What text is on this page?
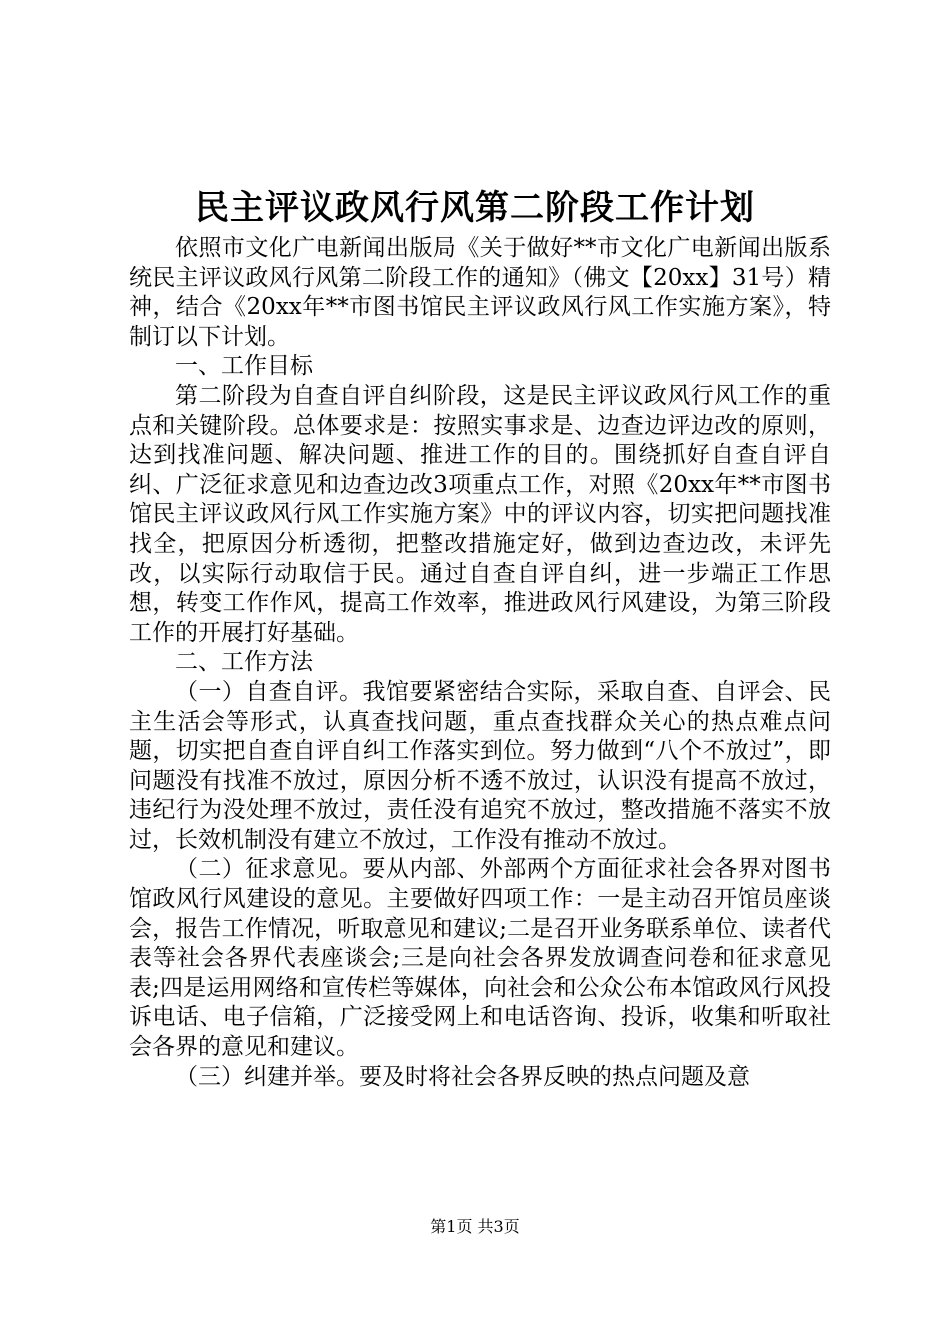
民主评议政风行风第二阶段工作计划

依照市文化广电新闻出版局《关于做好**市文化广电新闻出版系统民主评议政风行风第二阶段工作的通知》（佛文【20xx】31号）精神，结合《20xx年**市图书馆民主评议政风行风工作实施方案》，特制订以下计划。

一、工作目标

第二阶段为自查自评自纠阶段，这是民主评议政风行风工作的重点和关键阶段。总体要求是：按照实事求是、边查边评边改的原则，达到找准问题、解决问题、推进工作的目的。围绕抓好自查自评自纠、广泛征求意见和边查边改3项重点工作，对照《20xx年**市图书馆民主评议政风行风工作实施方案》中的评议内容，切实把问题找准找全，把原因分析透彻，把整改措施定好，做到边查边改，未评先改，以实际行动取信于民。通过自查自评自纠，进一步端正工作思想，转变工作作风，提高工作效率，推进政风行风建设，为第三阶段工作的开展打好基础。

二、工作方法

（一）自查自评。我馆要紧密结合实际，采取自查、自评会、民主生活会等形式，认真查找问题，重点查找群众关心的热点难点问题，切实把自查自评自纠工作落实到位。努力做到“八个不放过”，即问题没有找准不放过，原因分析不透不放过，认识没有提高不放过，违纪行为没处理不放过，责任没有追究不放过，整改措施不落实不放过，长效机制没有建立不放过，工作没有推动不放过。

（二）征求意见。要从内部、外部两个方面征求社会各界对图书馆政风行风建设的意见。主要做好四项工作：一是主动召开馆员座谈会，报告工作情况，听取意见和建议;二是召开业务联系单位、读者代表等社会各界代表座谈会;三是向社会各界发放调查问卷和征求意见表;四是运用网络和宣传栏等媒体，向社会和公众公布本馆政风行风投诉电话、电子信箱，广泛接受网上和电话咨询、投诉，收集和听取社会各界的意见和建议。

（三）纠建并举。要及时将社会各界反映的热点问题及意

第1页 共3页
